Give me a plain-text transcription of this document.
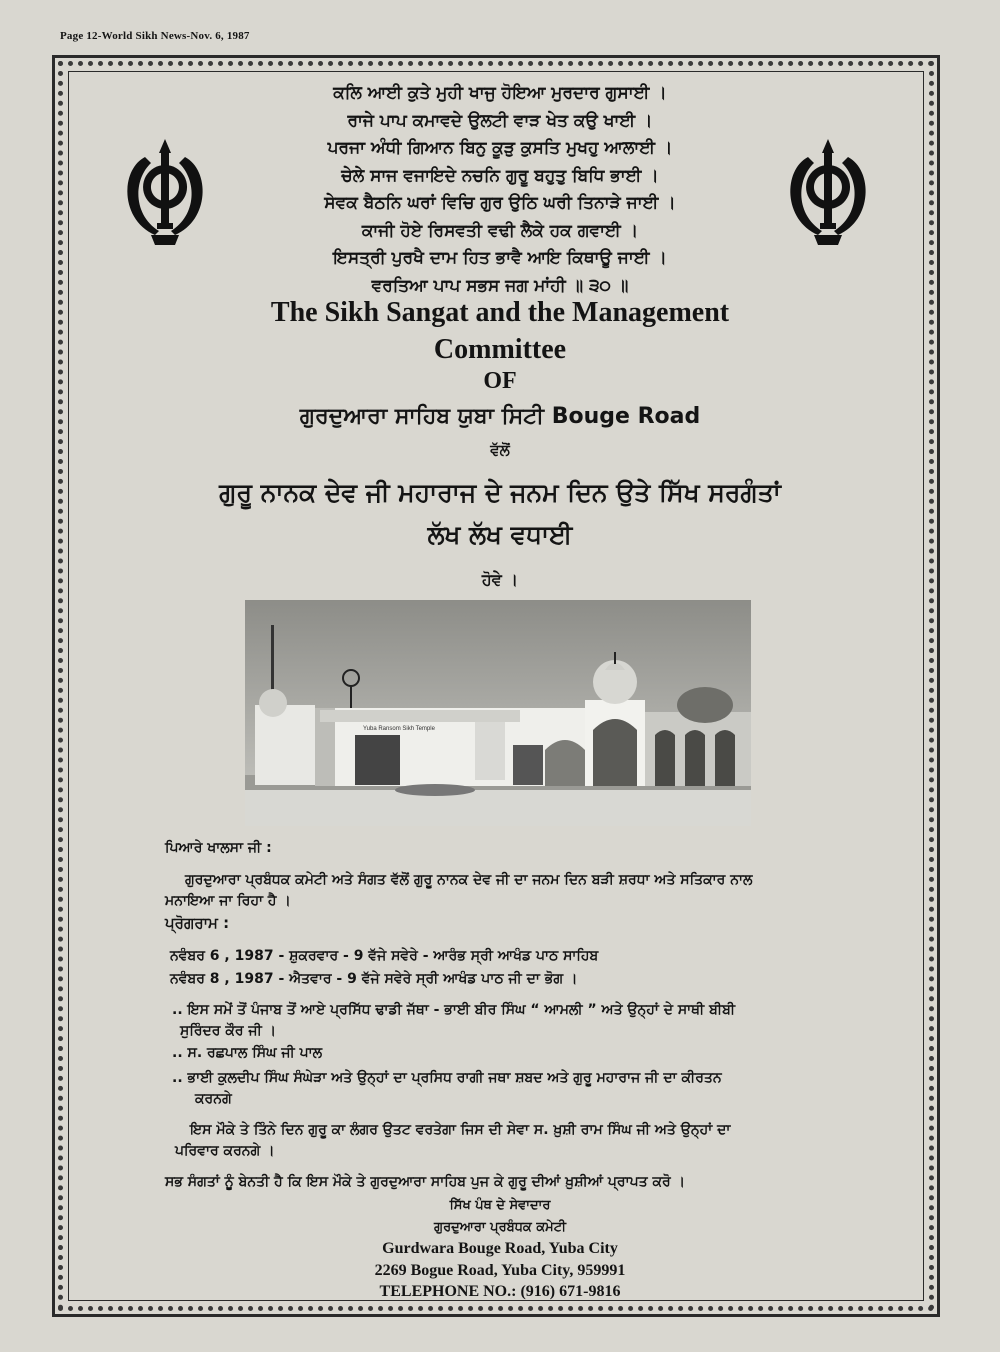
Page 12-World Sikh News-Nov. 6, 1987
ਕਲਿ ਆਈ ਕੁਤੇ ਮੁਹੀ ਖਾਜੁ ਹੋਇਆ ਮੁਰਦਾਰ ਗੁਸਾਈ ।
ਰਾਜੇ ਪਾਪ ਕਮਾਵਦੇ ਉਲਟੀ ਵਾੜ ਖੇਤ ਕਉ ਖਾਈ ।
ਪਰਜਾ ਅੰਧੀ ਗਿਆਨ ਬਿਨੁ ਕੂੜੁ ਕੁਸਤਿ ਮੁਖਹੁ ਆਲਾਈ ।
ਚੇਲੇ ਸਾਜ ਵਜਾਇਦੇ ਨਚਨਿ ਗੁਰੂ ਬਹੁਤੁ ਬਿਧਿ ਭਾਈ ।
ਸੇਵਕ ਬੈਠਨਿ ਘਰਾਂ ਵਿਚਿ ਗੁਰ ਉਠਿ ਘਰੀ ਤਿਨਾੜੇ ਜਾਈ ।
ਕਾਜੀ ਹੋਏ ਰਿਸਵਤੀ ਵਢੀ ਲੈਕੇ ਹਕ ਗਵਾਈ ।
ਇਸਤ੍ਰੀ ਪੁਰਖੈ ਦਾਮ ਹਿਤ ਭਾਵੈ ਆਇ ਕਿਥਾਊ ਜਾਈ ।
ਵਰਤਿਆ ਪਾਪ ਸਭਸ ਜਗ ਮਾਂਹੀ ॥ ੩੦ ॥
The Sikh Sangat and the Management
Committee
OF
ਗੁਰਦੁਆਰਾ ਸਾਹਿਬ ਯੁਬਾ ਸਿਟੀ Bouge Road
ਵੱਲੋਂ
ਗੁਰੂ ਨਾਨਕ ਦੇਵ ਜੀ ਮਹਾਰਾਜ ਦੇ ਜਨਮ ਦਿਨ ਉਤੇ ਸਿੱਖ ਸਰਗੰਤਾਂ
ਲੱਖ ਲੱਖ ਵਧਾਈ
ਹੋਵੇ ।
Yuba Ransom Sikh Temple
ਪਿਆਰੇ ਖਾਲਸਾ ਜੀ :
ਗੁਰਦੁਆਰਾ ਪ੍ਰਬੰਧਕ ਕਮੇਟੀ ਅਤੇ ਸੰਗਤ ਵੱਲੋਂ ਗੁਰੂ ਨਾਨਕ ਦੇਵ ਜੀ ਦਾ ਜਨਮ ਦਿਨ ਬੜੀ ਸ਼ਰਧਾ ਅਤੇ ਸਤਿਕਾਰ ਨਾਲ
ਮਨਾਇਆ ਜਾ ਰਿਹਾ ਹੈ ।
ਪ੍ਰੋਗਰਾਮ :
ਨਵੰਬਰ 6 , 1987 - ਸ਼ੁਕਰਵਾਰ - 9 ਵੱਜੇ ਸਵੇਰੇ - ਆਰੰਭ ਸ੍ਰੀ ਆਖੰਡ ਪਾਠ ਸਾਹਿਬ
ਨਵੰਬਰ 8 , 1987 - ਐਤਵਾਰ - 9 ਵੱਜੇ ਸਵੇਰੇ ਸ੍ਰੀ ਆਖੰਡ ਪਾਠ ਜੀ ਦਾ ਭੋਗ ।
.. ਇਸ ਸਮੇਂ ਤੋਂ ਪੰਜਾਬ ਤੋਂ ਆਏ ਪ੍ਰਸਿੱਧ ਢਾਡੀ ਜੱਥਾ - ਭਾਈ ਬੀਰ ਸਿੰਘ “ ਆਮਲੀ ” ਅਤੇ ਉਨ੍ਹਾਂ ਦੇ ਸਾਥੀ ਬੀਬੀ
ਸੁਰਿੰਦਰ ਕੌਰ ਜੀ ।
.. ਸ. ਰਛਪਾਲ ਸਿੰਘ ਜੀ ਪਾਲ
.. ਭਾਈ ਕੁਲਦੀਪ ਸਿੰਘ ਸੰਘੇੜਾ ਅਤੇ ਉਨ੍ਹਾਂ ਦਾ ਪ੍ਰਸਿਧ ਰਾਗੀ ਜਥਾ ਸ਼ਬਦ ਅਤੇ ਗੁਰੂ ਮਹਾਰਾਜ ਜੀ ਦਾ ਕੀਰਤਨ
ਕਰਨਗੇ
ਇਸ ਮੌਕੇ ਤੇ ਤਿੰਨੇ ਦਿਨ ਗੁਰੂ ਕਾ ਲੰਗਰ ਉਤਟ ਵਰਤੇਗਾ ਜਿਸ ਦੀ ਸੇਵਾ ਸ. ਖ਼ੁਸ਼ੀ ਰਾਮ ਸਿੰਘ ਜੀ ਅਤੇ ਉਨ੍ਹਾਂ ਦਾ
ਪਰਿਵਾਰ ਕਰਨਗੇ ।
ਸਭ ਸੰਗਤਾਂ ਨੂੰ ਬੇਨਤੀ ਹੈ ਕਿ ਇਸ ਮੌਕੇ ਤੇ ਗੁਰਦੁਆਰਾ ਸਾਹਿਬ ਪੁਜ ਕੇ ਗੁਰੂ ਦੀਆਂ ਖ਼ੁਸ਼ੀਆਂ ਪ੍ਰਾਪਤ ਕਰੋ ।
ਸਿੱਖ ਪੰਥ ਦੇ ਸੇਵਾਦਾਰ
ਗੁਰਦੁਆਰਾ ਪ੍ਰਬੰਧਕ ਕਮੇਟੀ
Gurdwara Bouge Road, Yuba City
2269 Bogue Road, Yuba City, 959991
TELEPHONE NO.: (916) 671-9816
